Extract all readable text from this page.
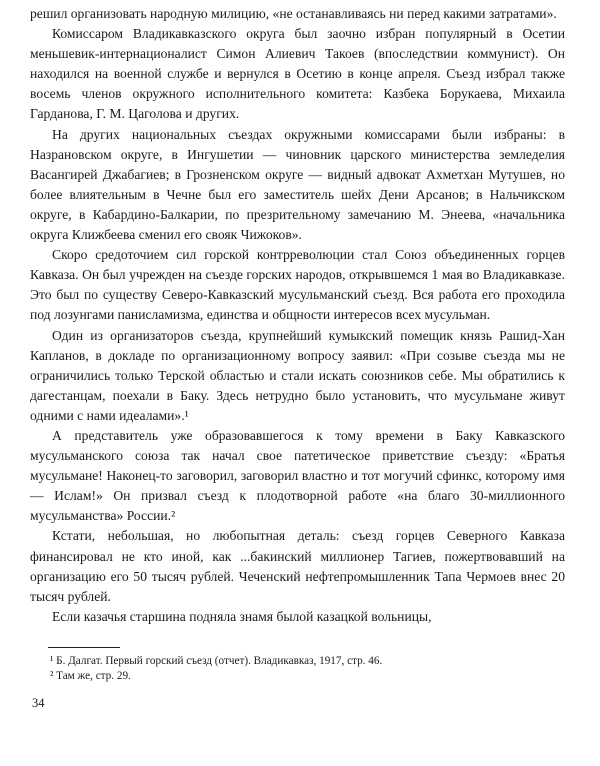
решил организовать народную милицию, «не останавливаясь ни перед какими затратами».

Комиссаром Владикавказского округа был заочно избран популярный в Осетии меньшевик-интернационалист Симон Алиевич Такоев (впоследствии коммунист). Он находился на военной службе и вернулся в Осетию в конце апреля. Съезд избрал также восемь членов окружного исполнительного комитета: Казбека Борукаева, Михаила Гарданова, Г. М. Цаголова и других.

На других национальных съездах окружными комиссарами были избраны: в Назрановском округе, в Ингушетии — чиновник царского министерства земледелия Васангирей Джабагиев; в Грозненском округе — видный адвокат Ахметхан Мутушев, но более влиятельным в Чечне был его заместитель шейх Дени Арсанов; в Нальчикском округе, в Кабардино-Балкарии, по презрительному замечанию М. Энеева, «начальника округа Клижбеева сменил его свояк Чижоков».

Скоро средоточием сил горской контрреволюции стал Союз объединенных горцев Кавказа. Он был учрежден на съезде горских народов, открывшемся 1 мая во Владикавказе. Это был по существу Северо-Кавказский мусульманский съезд. Вся работа его проходила под лозунгами панисламизма, единства и общности интересов всех мусульман.

Один из организаторов съезда, крупнейший кумыкский помещик князь Рашид-Хан Капланов, в докладе по организационному вопросу заявил: «При созыве съезда мы не ограничились только Терской областью и стали искать союзников себе. Мы обратились к дагестанцам, поехали в Баку. Здесь нетрудно было установить, что мусульмане живут одними с нами идеалами».¹

А представитель уже образовавшегося к тому времени в Баку Кавказского мусульманского союза так начал свое патетическое приветствие съезду: «Братья мусульмане! Наконец-то заговорил, заговорил властно и тот могучий сфинкс, которому имя — Ислам!» Он призвал съезд к плодотворной работе «на благо 30-миллионного мусульманства» России.²

Кстати, небольшая, но любопытная деталь: съезд горцев Северного Кавказа финансировал не кто иной, как ...бакинский миллионер Тагиев, пожертвовавший на организацию его 50 тысяч рублей. Чеченский нефтепромышленник Тапа Чермоев внес 20 тысяч рублей.

Если казачья старшина подняла знамя былой казацкой вольницы,

¹ Б. Далгат. Первый горский съезд (отчет). Владикавказ, 1917, стр. 46.

² Там же, стр. 29.

34
